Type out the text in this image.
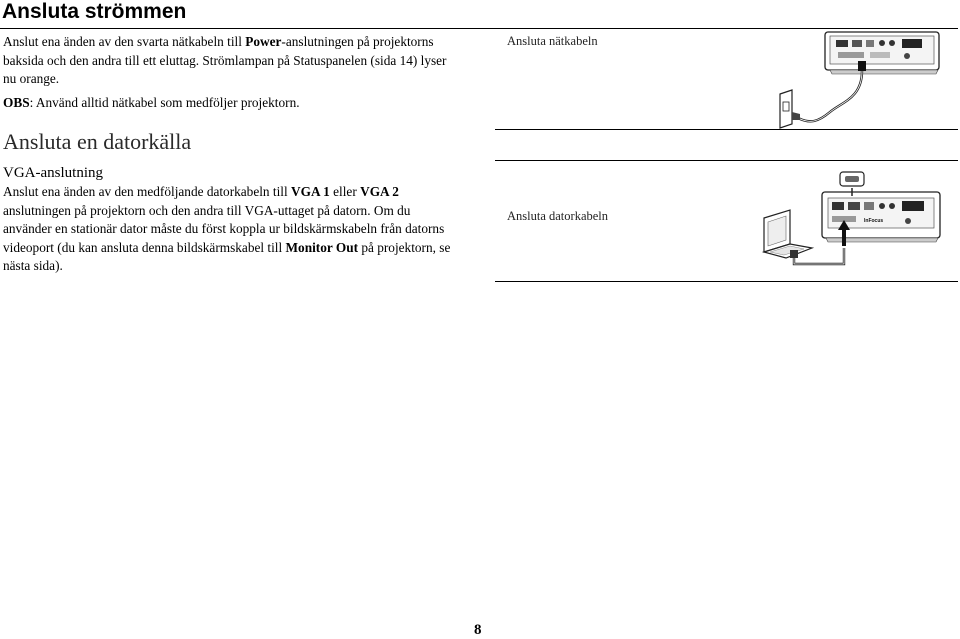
Ansluta strömmen
Anslut ena änden av den svarta nätkabeln till Power-anslutningen på projektorns
baksida och den andra till ett eluttag. Strömlampan på Statuspanelen (sida 14) lyser
nu orange.
OBS: Använd alltid nätkabel som medföljer projektorn.
Ansluta nätkabeln
Ansluta en datorkälla
VGA-anslutning
Anslut ena änden av den medföljande datorkabeln till VGA 1 eller VGA 2
anslutningen på projektorn och den andra till VGA-uttaget på datorn. Om du
använder en stationär dator måste du först koppla ur bildskärmskabeln från datorns
videoport (du kan ansluta denna bildskärmskabel till Monitor Out på projektorn, se
nästa sida).
Ansluta datorkabeln	InFocus
8
